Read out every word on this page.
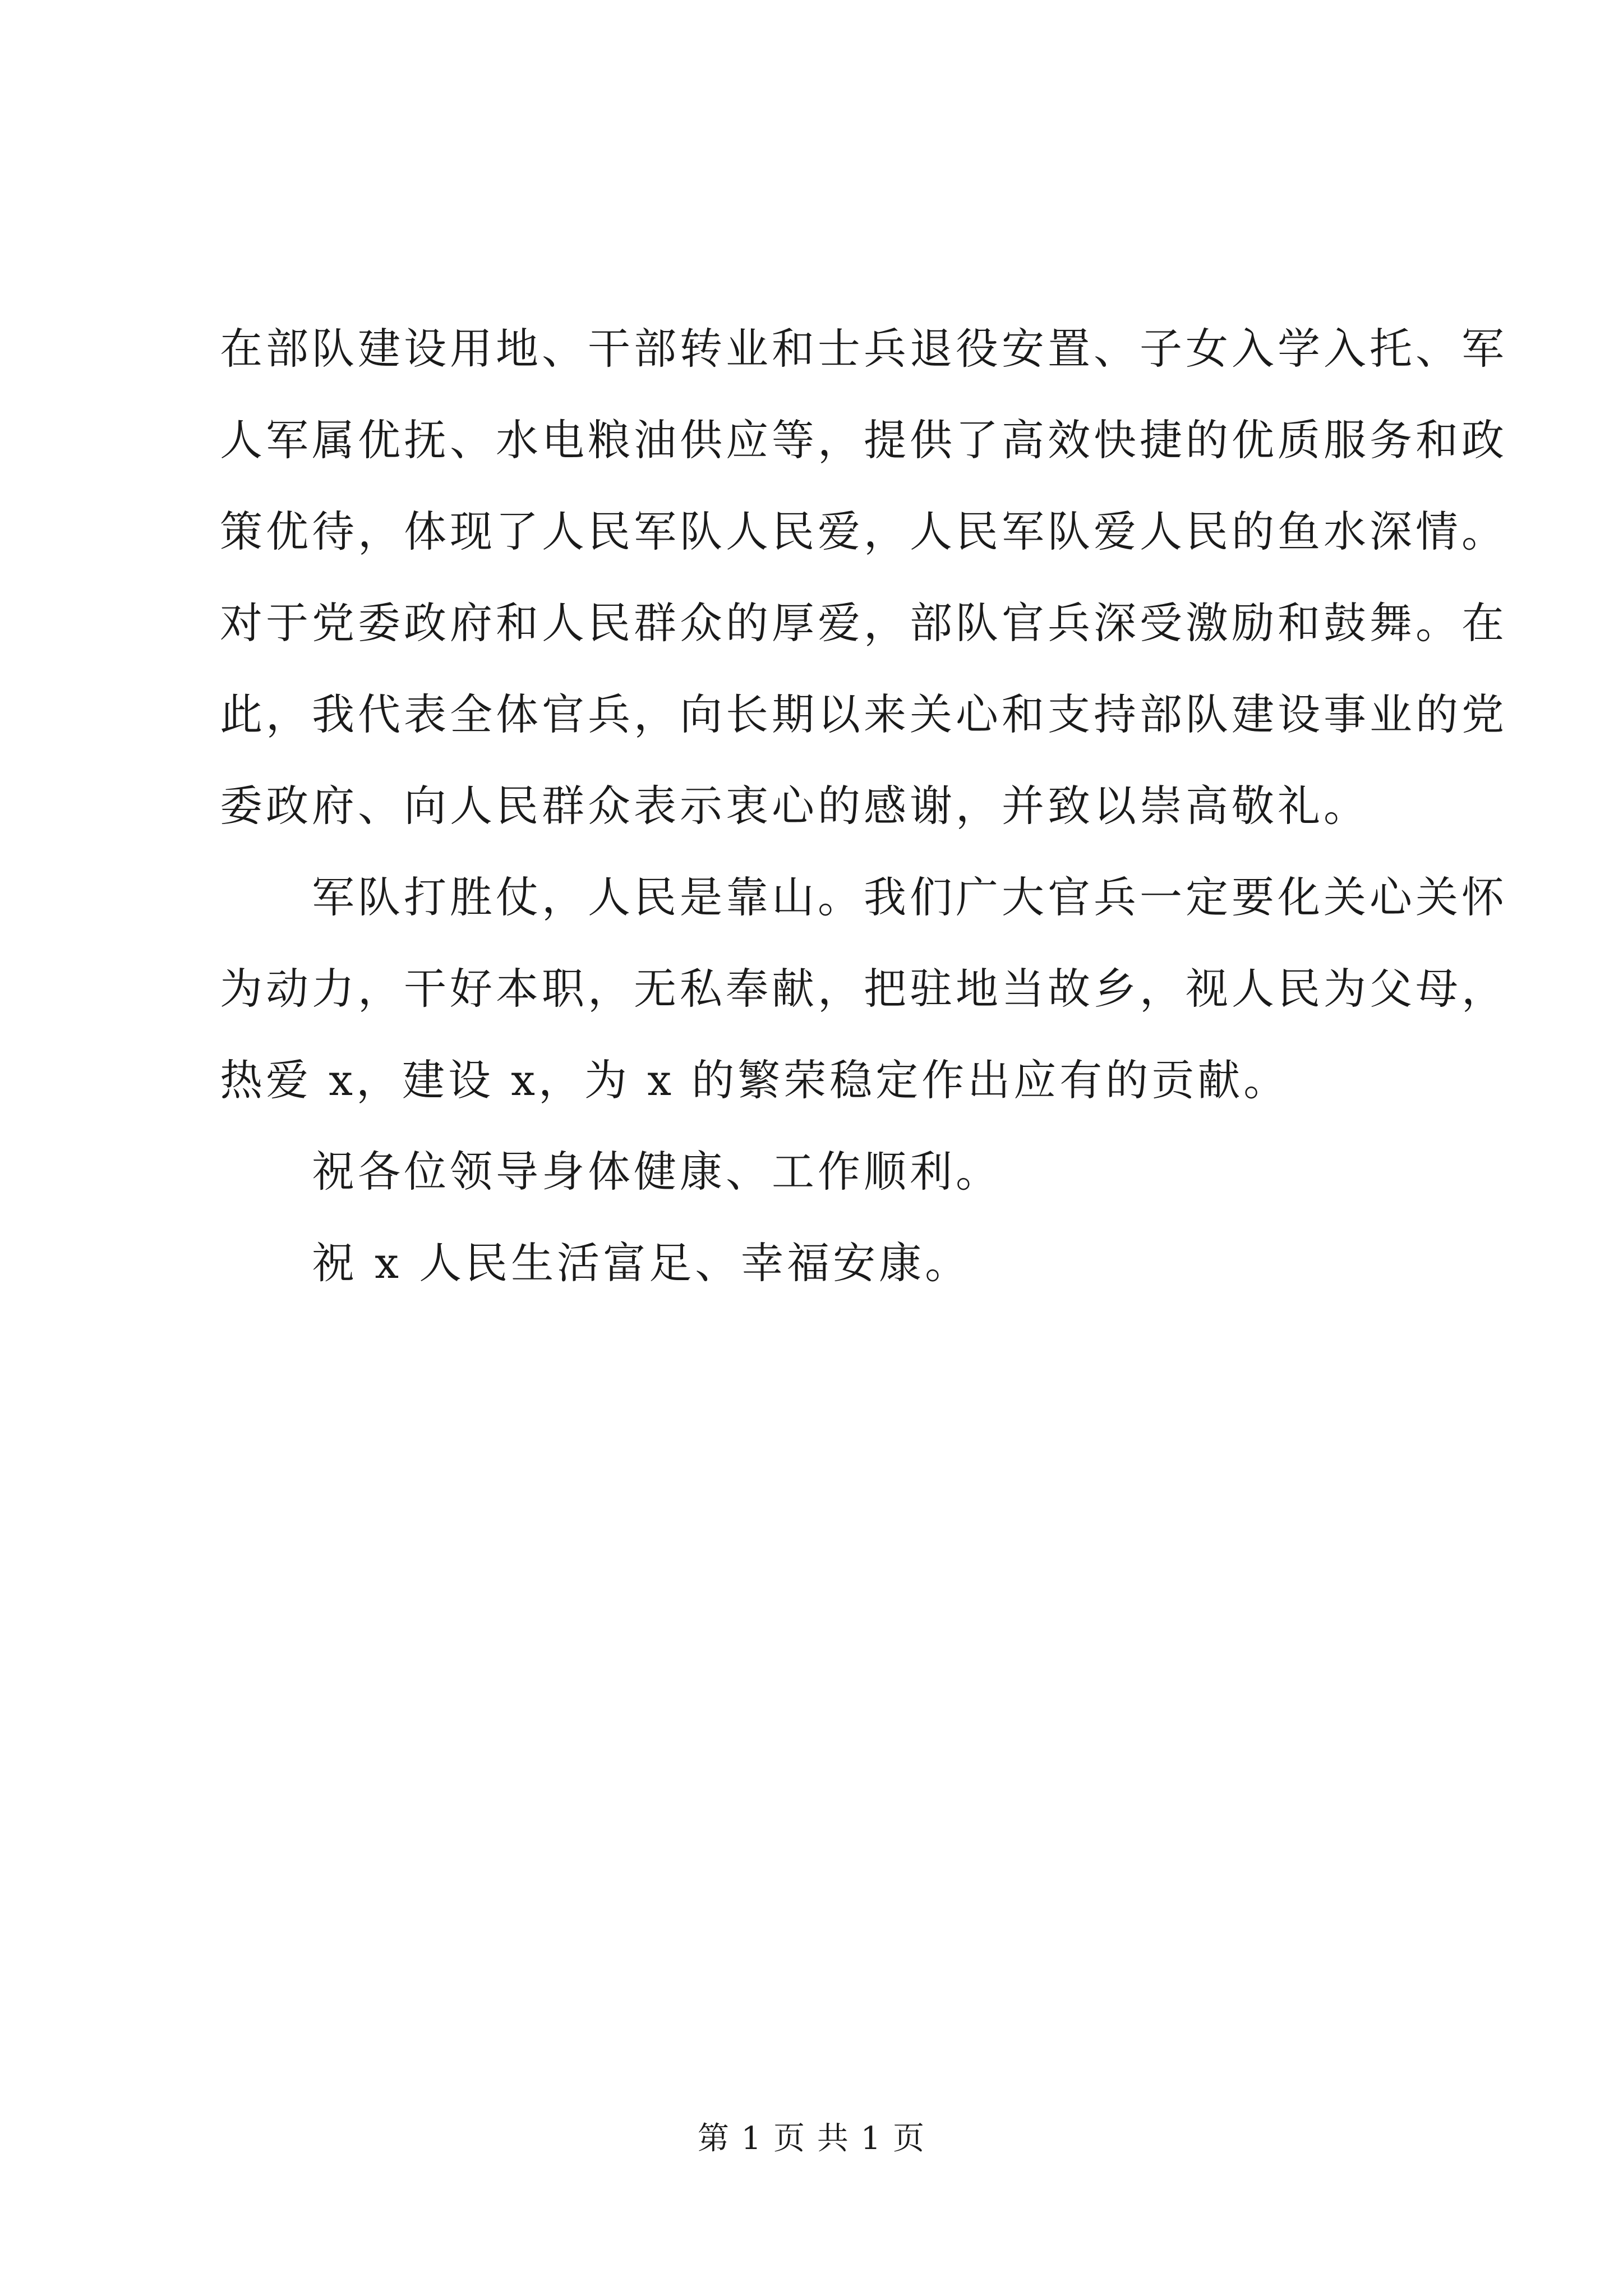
在部队建设用地、干部转业和士兵退役安置、子女入学入托、军
人军属优抚、水电粮油供应等，提供了高效快捷的优质服务和政
策优待，体现了人民军队人民爱，人民军队爱人民的鱼水深情。
对于党委政府和人民群众的厚爱，部队官兵深受激励和鼓舞。在
此，我代表全体官兵，向长期以来关心和支持部队建设事业的党
委政府、向人民群众表示衷心的感谢，并致以崇高敬礼。

军队打胜仗，人民是靠山。我们广大官兵一定要化关心关怀
为动力，干好本职，无私奉献，把驻地当故乡，视人民为父母，
热爱 x，建设 x，为 x 的繁荣稳定作出应有的贡献。

祝各位领导身体健康、工作顺利。

祝 x 人民生活富足、幸福安康。

第 1 页 共 1 页
